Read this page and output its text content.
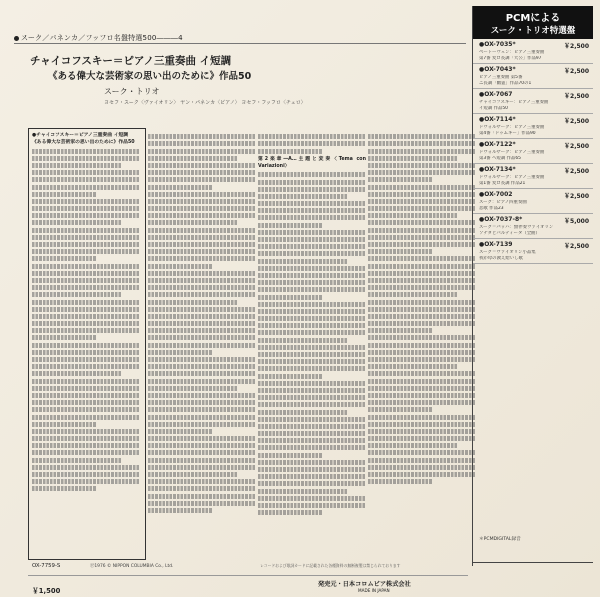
スーク／パネンカ／フッフロ名盤特選500―――4
チャイコフスキー＝ピアノ三重奏曲 イ短調
《ある偉大な芸術家の思い出のために》作品50
スーク・トリオ
ヨセフ・スーク〈ヴァイオリン〉 ヤン・パネンカ〈ピアノ〉 ヨセフ・フッフロ〈チェロ〉
●チャイコフスキー＝ピアノ三重奏曲 イ短調
《ある偉大な芸術家の思い出のために》作品50
第2楽章―A…主題と変奏〈Tema con Variazioni〉
PCMによる
スーク・トリオ特選盤
●OX-7035*	￥2,500
ベートーヴェン：ピアノ三重奏曲
第7番 変ロ長調「大公」作品97
●OX-7043*	￥2,500
ピアノ三重奏曲 第5番
ニ長調「幽霊」作品70の1
●OX-7067	￥2,500
チャイコフスキー：ピアノ三重奏曲
イ短調 作品50
●OX-7114*	￥2,500
ドヴォルザーク：ピアノ三重奏曲
第4番「ドゥムキー」作品90
●OX-7122*	￥2,500
ドヴォルザーク：ピアノ三重奏曲
第3番 ヘ短調 作品65
●OX-7134*	￥2,500
ドヴォルザーク：ピアノ三重奏曲
第1番 変ロ長調 作品21
●OX-7002	￥2,500
スーク：ピアノ四重奏曲
悲歌 作品23
●OX-7037-8*	￥5,000
スーク＝バッハ：無伴奏ヴァイオリン
ソナタとパルティータ（全曲）
●OX-7139	￥2,500
スーク＝ヴァイオリン小品集
我が母の教え給いし歌
＊PCMDIGITAL録音
OX-7759-S	Ⓟ1976 © NIPPON COLUMBIA Co., Ltd.	レコードおよび歌詞カードに記載された各種資料の無断複製は禁じられております
￥1,500
発売元・日本コロムビア株式会社
MADE IN JAPAN
